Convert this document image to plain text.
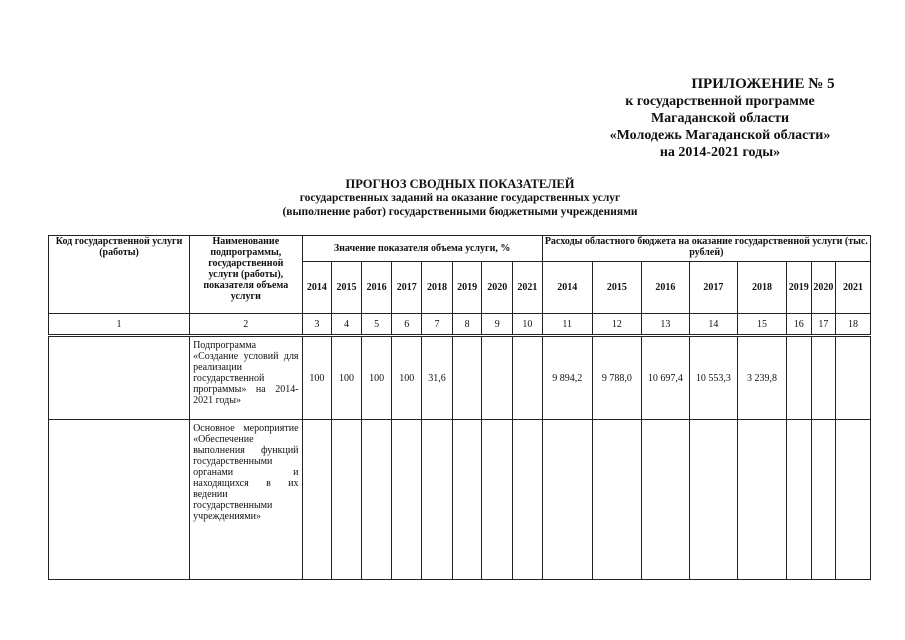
ПРИЛОЖЕНИЕ № 5
к государственной программе
Магаданской области
«Молодежь Магаданской области»
на 2014-2021 годы»
ПРОГНОЗ СВОДНЫХ ПОКАЗАТЕЛЕЙ
государственных заданий на оказание государственных услуг
(выполнение работ) государственными бюджетными учреждениями
Код государственной услуги (работы)	Наименование подпрограммы, государственной услуги (работы), показателя объема услуги	Значение показателя объема услуги, %								Расходы областного бюджета на оказание государственной услуги (тыс. рублей)							
		2014	2015	2016	2017	2018	2019	2020	2021	2014	2015	2016	2017	2018	2019	2020	2021
1	2	3	4	5	6	7	8	9	10	11	12	13	14	15	16	17	18
	Подпрограмма «Создание условий для реализации государственной программы» на 2014-2021 годы»	100	100	100	100	31,6				9 894,2	9 788,0	10 697,4	10 553,3	3 239,8			
	Основное мероприятие «Обеспечение выполнения функций государственными органами и находящихся в их ведении государственными учреждениями»																
